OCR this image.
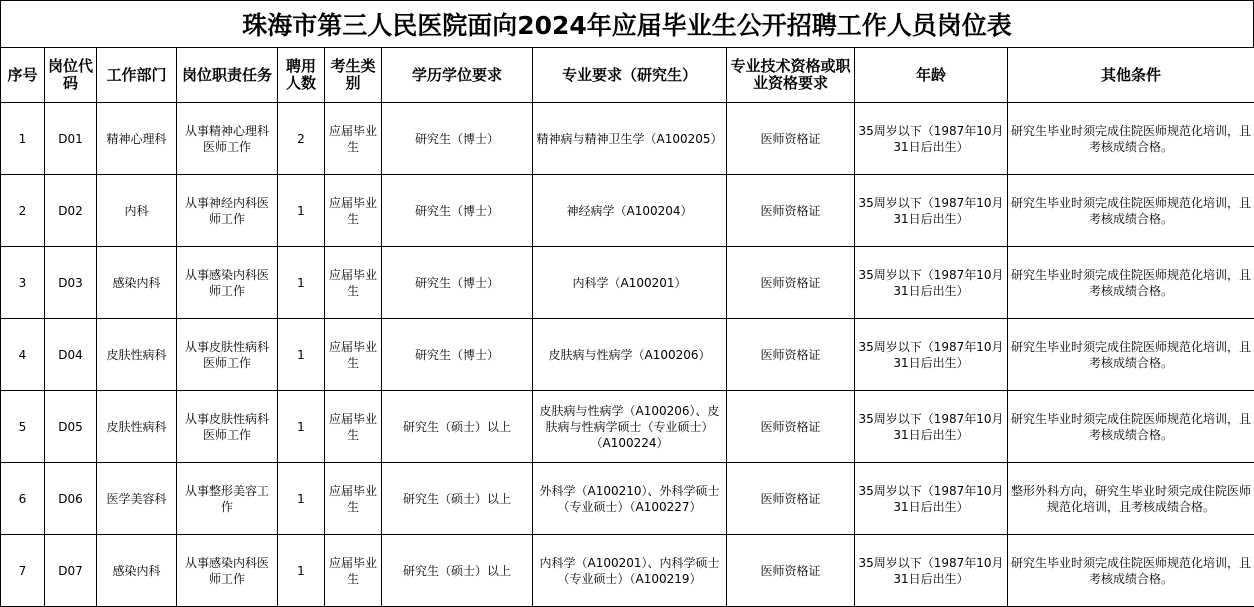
珠海市第三人民医院面向2024年应届毕业生公开招聘工作人员岗位表
序号	岗位代码	工作部门	岗位职责任务	聘用人数	考生类别	学历学位要求	专业要求（研究生）	专业技术资格或职业资格要求	年龄	其他条件
1	D01	精神心理科	从事精神心理科医师工作	2	应届毕业生	研究生（博士）	精神病与精神卫生学（A100205）	医师资格证	35周岁以下（1987年10月31日后出生）	研究生毕业时须完成住院医师规范化培训，且考核成绩合格。
2	D02	内科	从事神经内科医师工作	1	应届毕业生	研究生（博士）	神经病学（A100204）	医师资格证	35周岁以下（1987年10月31日后出生）	研究生毕业时须完成住院医师规范化培训，且考核成绩合格。
3	D03	感染内科	从事感染内科医师工作	1	应届毕业生	研究生（博士）	内科学（A100201）	医师资格证	35周岁以下（1987年10月31日后出生）	研究生毕业时须完成住院医师规范化培训，且考核成绩合格。
4	D04	皮肤性病科	从事皮肤性病科医师工作	1	应届毕业生	研究生（博士）	皮肤病与性病学（A100206）	医师资格证	35周岁以下（1987年10月31日后出生）	研究生毕业时须完成住院医师规范化培训，且考核成绩合格。
5	D05	皮肤性病科	从事皮肤性病科医师工作	1	应届毕业生	研究生（硕士）以上	皮肤病与性病学（A100206）、皮肤病与性病学硕士（专业硕士）（A100224）	医师资格证	35周岁以下（1987年10月31日后出生）	研究生毕业时须完成住院医师规范化培训，且考核成绩合格。
6	D06	医学美容科	从事整形美容工作	1	应届毕业生	研究生（硕士）以上	外科学（A100210）、外科学硕士（专业硕士）（A100227）	医师资格证	35周岁以下（1987年10月31日后出生）	整形外科方向，研究生毕业时须完成住院医师规范化培训，且考核成绩合格。
7	D07	感染内科	从事感染内科医师工作	1	应届毕业生	研究生（硕士）以上	内科学（A100201）、内科学硕士（专业硕士）（A100219）	医师资格证	35周岁以下（1987年10月31日后出生）	研究生毕业时须完成住院医师规范化培训，且考核成绩合格。
